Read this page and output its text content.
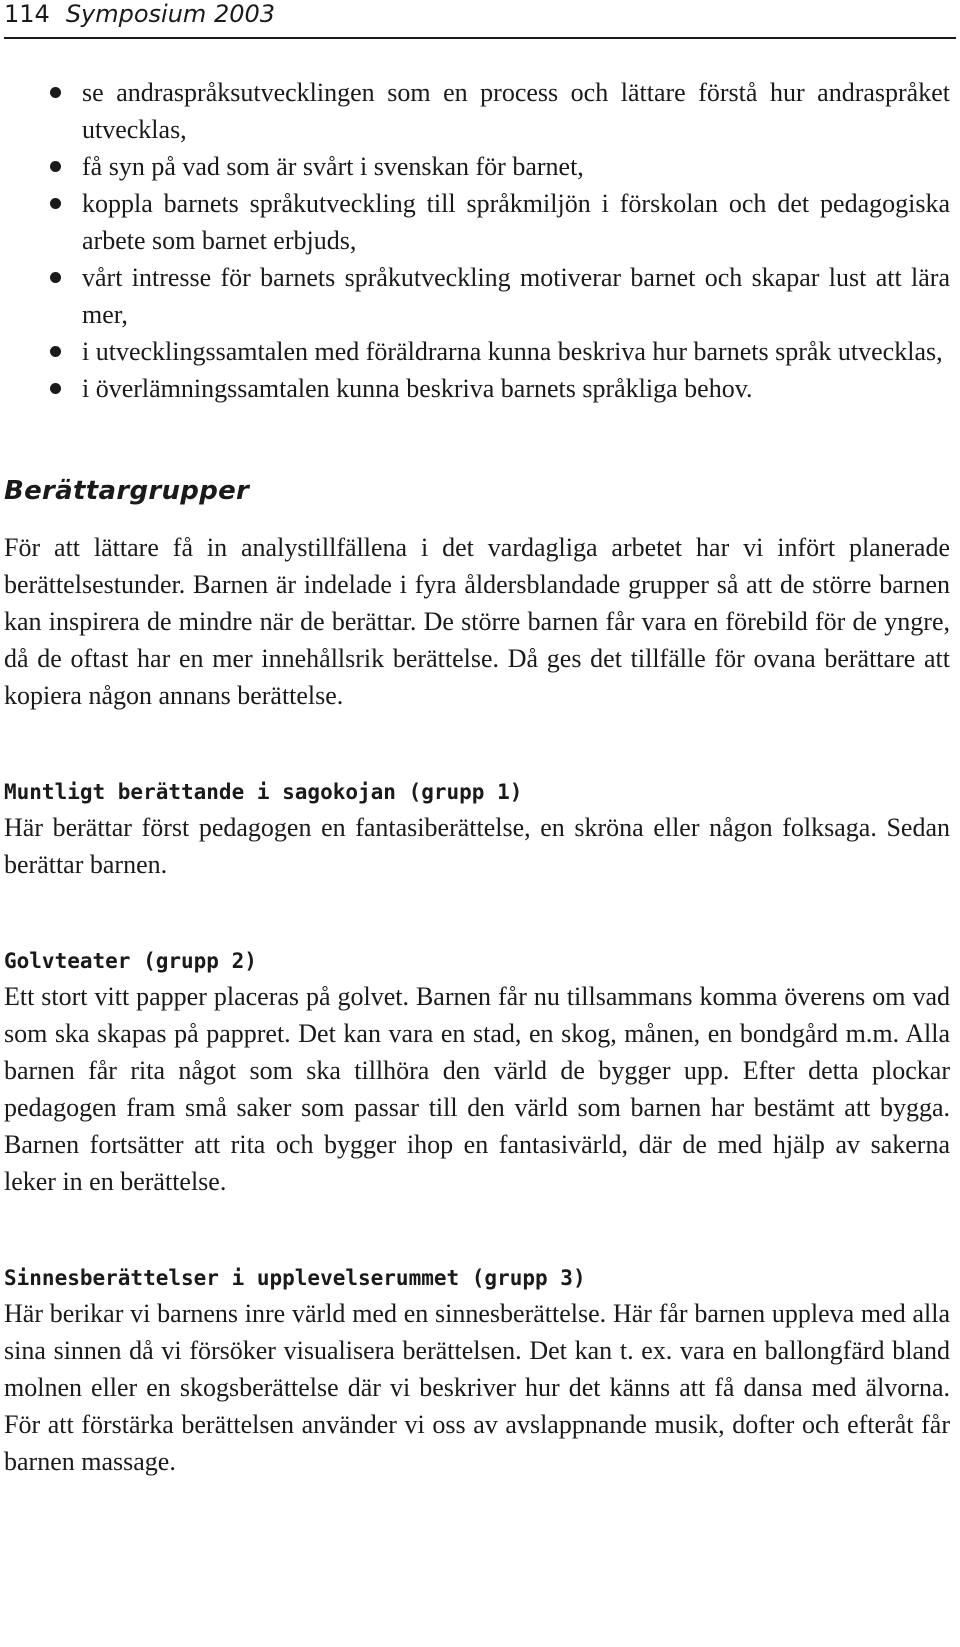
114 Symposium 2003
se andraspråksutvecklingen som en process och lättare förstå hur andraspråket utvecklas,
få syn på vad som är svårt i svenskan för barnet,
koppla barnets språkutveckling till språkmiljön i förskolan och det pedagogiska arbete som barnet erbjuds,
vårt intresse för barnets språkutveckling motiverar barnet och skapar lust att lära mer,
i utvecklingssamtalen med föräldrarna kunna beskriva hur barnets språk utvecklas,
i överlämningssamtalen kunna beskriva barnets språkliga behov.
Berättargrupper

För att lättare få in analystillfällena i det vardagliga arbetet har vi infört planerade berättelsestunder. Barnen är indelade i fyra åldersblandade grupper så att de större barnen kan inspirera de mindre när de berättar. De större barnen får vara en förebild för de yngre, då de oftast har en mer innehållsrik berättelse. Då ges det tillfälle för ovana berättare att kopiera någon annans berättelse.

Muntligt berättande i sagokojan (grupp 1)

Här berättar först pedagogen en fantasiberättelse, en skröna eller någon folksaga. Sedan berättar barnen.

Golvteater (grupp 2)

Ett stort vitt papper placeras på golvet. Barnen får nu tillsammans komma överens om vad som ska skapas på pappret. Det kan vara en stad, en skog, månen, en bondgård m.m. Alla barnen får rita något som ska tillhöra den värld de bygger upp. Efter detta plockar pedagogen fram små saker som passar till den värld som barnen har bestämt att bygga. Barnen fortsätter att rita och bygger ihop en fantasivärld, där de med hjälp av sakerna leker in en berättelse.

Sinnesberättelser i upplevelserummet (grupp 3)

Här berikar vi barnens inre värld med en sinnesberättelse. Här får barnen uppleva med alla sina sinnen då vi försöker visualisera berättelsen. Det kan t. ex. vara en ballongfärd bland molnen eller en skogsberättelse där vi beskriver hur det känns att få dansa med älvorna. För att förstärka berättelsen använder vi oss av avslappnande musik, dofter och efteråt får barnen massage.
